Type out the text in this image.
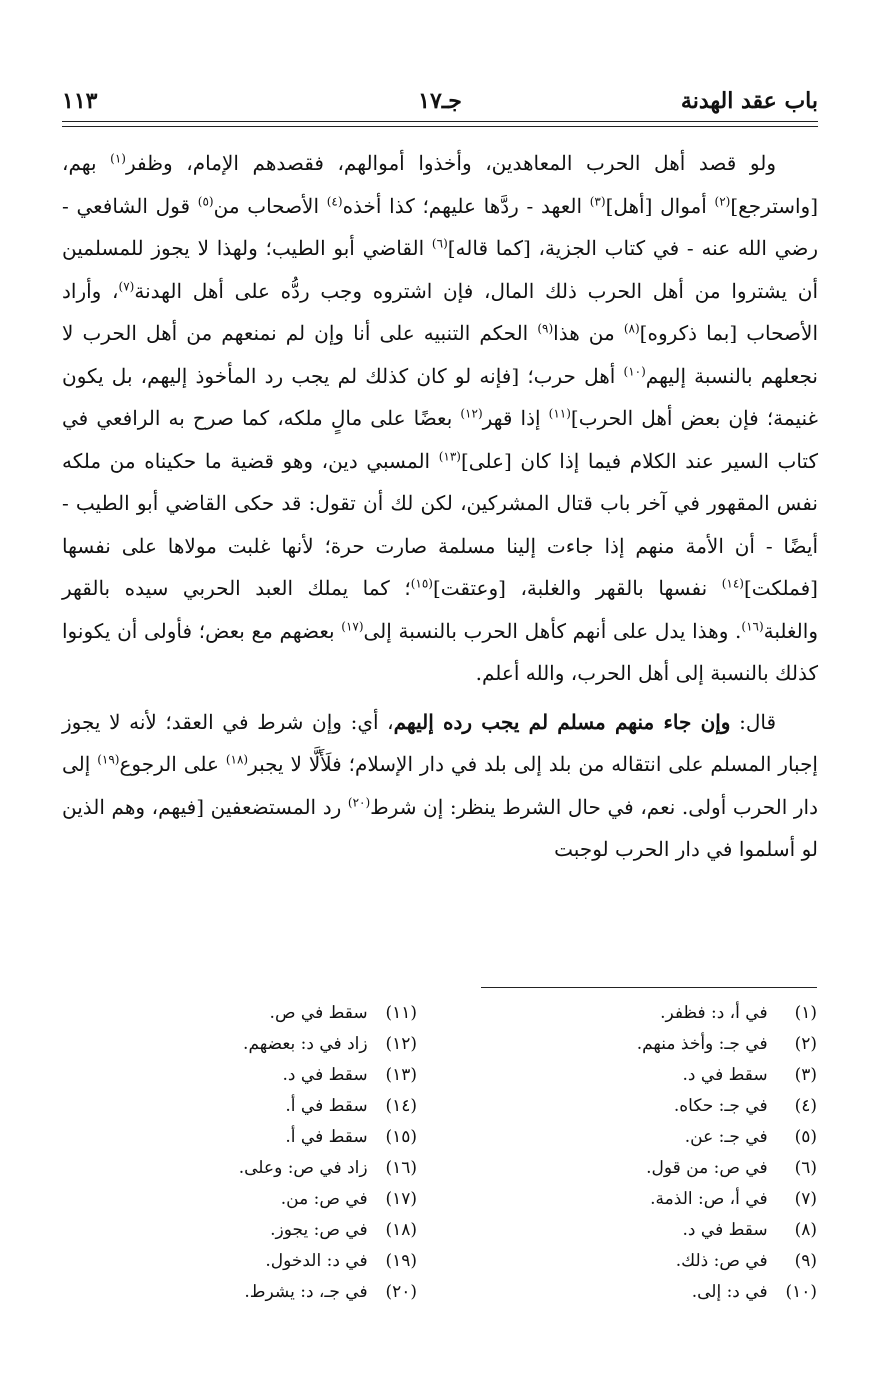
باب عقد الهدنة
جـ١٧
١١٣

ولو قصد أهل الحرب المعاهدين، وأخذوا أموالهم، فقصدهم الإمام، وظفر$^{(١)}$ بهم، [واسترجع]$^{(٢)}$ أموال [أهل]$^{(٣)}$ العهد - ردَّها عليهم؛ كذا أخذه$^{(٤)}$ الأصحاب من$^{(٥)}$ قول الشافعي - رضي الله عنه - في كتاب الجزية، [كما قاله]$^{(٦)}$ القاضي أبو الطيب؛ ولهذا لا يجوز للمسلمين أن يشتروا من أهل الحرب ذلك المال، فإن اشتروه وجب ردُّه على أهل الهدنة$^{(٧)}$، وأراد الأصحاب [بما ذكروه]$^{(٨)}$ من هذا$^{(٩)}$ الحكم التنبيه على أنا وإن لم نمنعهم من أهل الحرب لا نجعلهم بالنسبة إليهم$^{(١٠)}$ أهل حرب؛ [فإنه لو كان كذلك لم يجب رد المأخوذ إليهم، بل يكون غنيمة؛ فإن بعض أهل الحرب]$^{(١١)}$ إذا قهر$^{(١٢)}$ بعضًا على مالٍ ملكه، كما صرح به الرافعي في كتاب السير عند الكلام فيما إذا كان [على]$^{(١٣)}$ المسبي دين، وهو قضية ما حكيناه من ملكه نفس المقهور في آخر باب قتال المشركين، لكن لك أن تقول: قد حكى القاضي أبو الطيب - أيضًا - أن الأمة منهم إذا جاءت إلينا مسلمة صارت حرة؛ لأنها غلبت مولاها على نفسها [فملكت]$^{(١٤)}$ نفسها بالقهر والغلبة، [وعتقت]$^{(١٥)}$؛ كما يملك العبد الحربي سيده بالقهر والغلبة$^{(١٦)}$. وهذا يدل على أنهم كأهل الحرب بالنسبة إلى$^{(١٧)}$ بعضهم مع بعض؛ فأولى أن يكونوا كذلك بالنسبة إلى أهل الحرب، والله أعلم.

قال: وإن جاء منهم مسلم لم يجب رده إليهم، أي: وإن شرط في العقد؛ لأنه لا يجوز إجبار المسلم على انتقاله من بلد إلى بلد في دار الإسلام؛ فلَأَلَّا لا يجبر$^{(١٨)}$ على الرجوع$^{(١٩)}$ إلى دار الحرب أولى. نعم، في حال الشرط ينظر: إن شرط$^{(٢٠)}$ رد المستضعفين [فيهم، وهم الذين لو أسلموا في دار الحرب لوجبت

(١) في أ، د: فظفر.
(٢) في جـ: وأخذ منهم.
(٣) سقط في د.
(٤) في جـ: حكاه.
(٥) في جـ: عن.
(٦) في ص: من قول.
(٧) في أ، ص: الذمة.
(٨) سقط في د.
(٩) في ص: ذلك.
(١٠) في د: إلى.
(١١) سقط في ص.
(١٢) زاد في د: بعضهم.
(١٣) سقط في د.
(١٤) سقط في أ.
(١٥) سقط في أ.
(١٦) زاد في ص: وعلى.
(١٧) في ص: من.
(١٨) في ص: يجوز.
(١٩) في د: الدخول.
(٢٠) في جـ، د: يشرط.
